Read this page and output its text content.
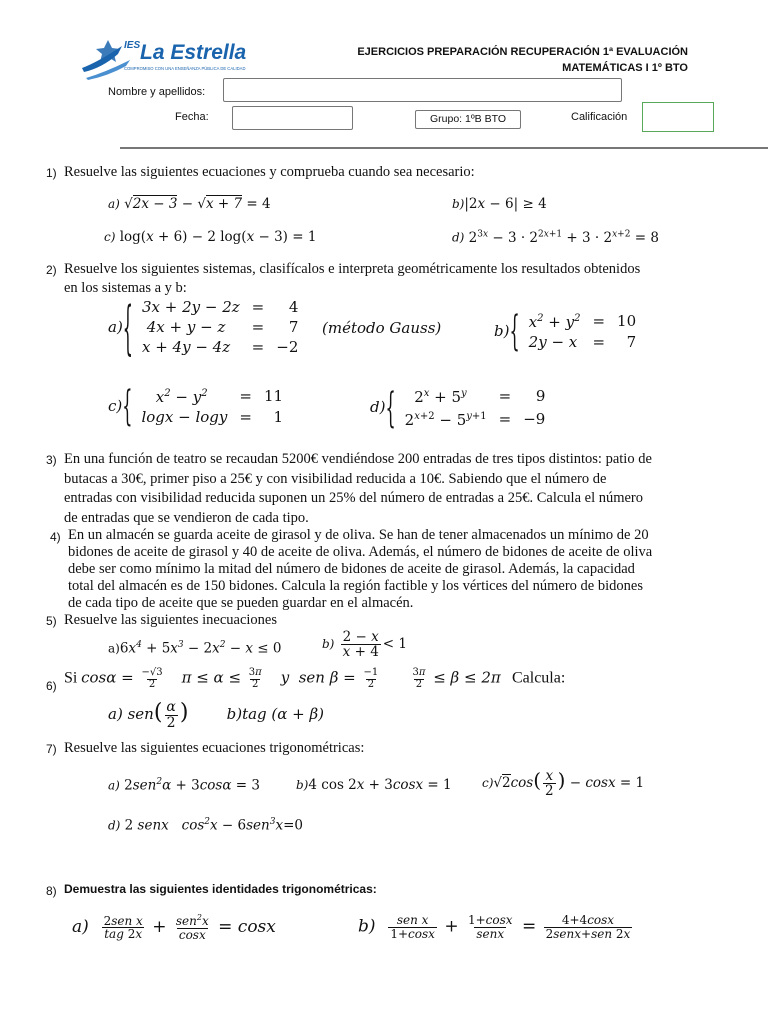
IES La Estrella
COMPROMISO CON UNA ENSEÑANZA PÚBLICA DE CALIDAD
EJERCICIOS PREPARACIÓN RECUPERACIÓN 1ª EVALUACIÓN
MATEMÁTICAS I 1º BTO
Nombre y apellidos:
Fecha:	Grupo: 1ºB BTO	Calificación
1) Resuelve las siguientes ecuaciones y comprueba cuando sea necesario:
a) √2x − 3 − √x + 7 = 4	b)|2x − 6| ≥ 4
c) log(x + 6) − 2 log(x − 3) = 1	d) $2^{3x} - 3 \cdot 2^{2x+1} + 3 \cdot 2^{x+2} = 8$
2) Resuelve los siguientes sistemas, clasifícalos e interpreta geométricamente los resultados obtenidos
en los sistemas a y b:
a) { 3x + 2y − 2z	=	4
4x + y − z	=	7
x + 4y − 4z	=	−2
(método Gauss)	b) { $x^2 + y^2$	=	10
2y − x	=	7
c) { $x^2 - y^2$	=	11
logx − logy	=	1
d) { $2^x + 5^y$	=	9
$2^{x+2} - 5^{y+1}$	=	−9
3) En una función de teatro se recaudan 5200€ vendiéndose 200 entradas de tres tipos distintos: patio de
butacas a 30€, primer piso a 25€ y con visibilidad reducida a 10€. Sabiendo que el número de
entradas con visibilidad reducida suponen un 25% del número de entradas a 25€. Calcula el número
de entradas que se vendieron de cada tipo.
4) En un almacén se guarda aceite de girasol y de oliva. Se han de tener almacenados un mínimo de 20
bidones de aceite de girasol y 40 de aceite de oliva. Además, el número de bidones de aceite de oliva
debe ser como mínimo la mitad del número de bidones de aceite de girasol. Además, la capacidad
total del almacén es de 150 bidones. Calcula la región factible y los vértices del número de bidones
de cada tipo de aceite que se pueden guardar en el almacén.
5) Resuelve las siguientes inecuaciones
$a)6x^4 + 5x^3 - 2x^2 - x \le 0$	$b) \frac{2 - x}{x + 4} < 1$
6) Si $\cos\alpha = \frac{-√3}{2}$ $\pi \le \alpha \le \frac{3\pi}{2}$ y  sen $\beta = \frac{-1}{2}$
	$\frac{3\pi}{2} \le \beta \le 2\pi$ Calcula:
a) $sen( \frac{\alpha}{2}$ )        b)tag (α + β)
7) Resuelve las siguientes ecuaciones trigonométricas:
a) 2sen$^2$α + 3cosα = 3	b)4 cos 2x + 3cosx = 1	$c)√2\cos( \frac{x}{2}$ ) − cosx = 1
d) 2 senx   $\cos^2x - 6sen^3x=0$
8) Demuestra las siguientes identidades trigonométricas:
$a) \frac{\text{2sen x}}{\text{tag 2x}} + \frac{sen^2x}{\cos x} = \cos x$	$b) \frac{\text{sen x}}{1+\cos x} + \frac{1+\cos x}{\text{senx}} = \frac{4+4\cos x}{\text{2senx+sen 2x}}$
